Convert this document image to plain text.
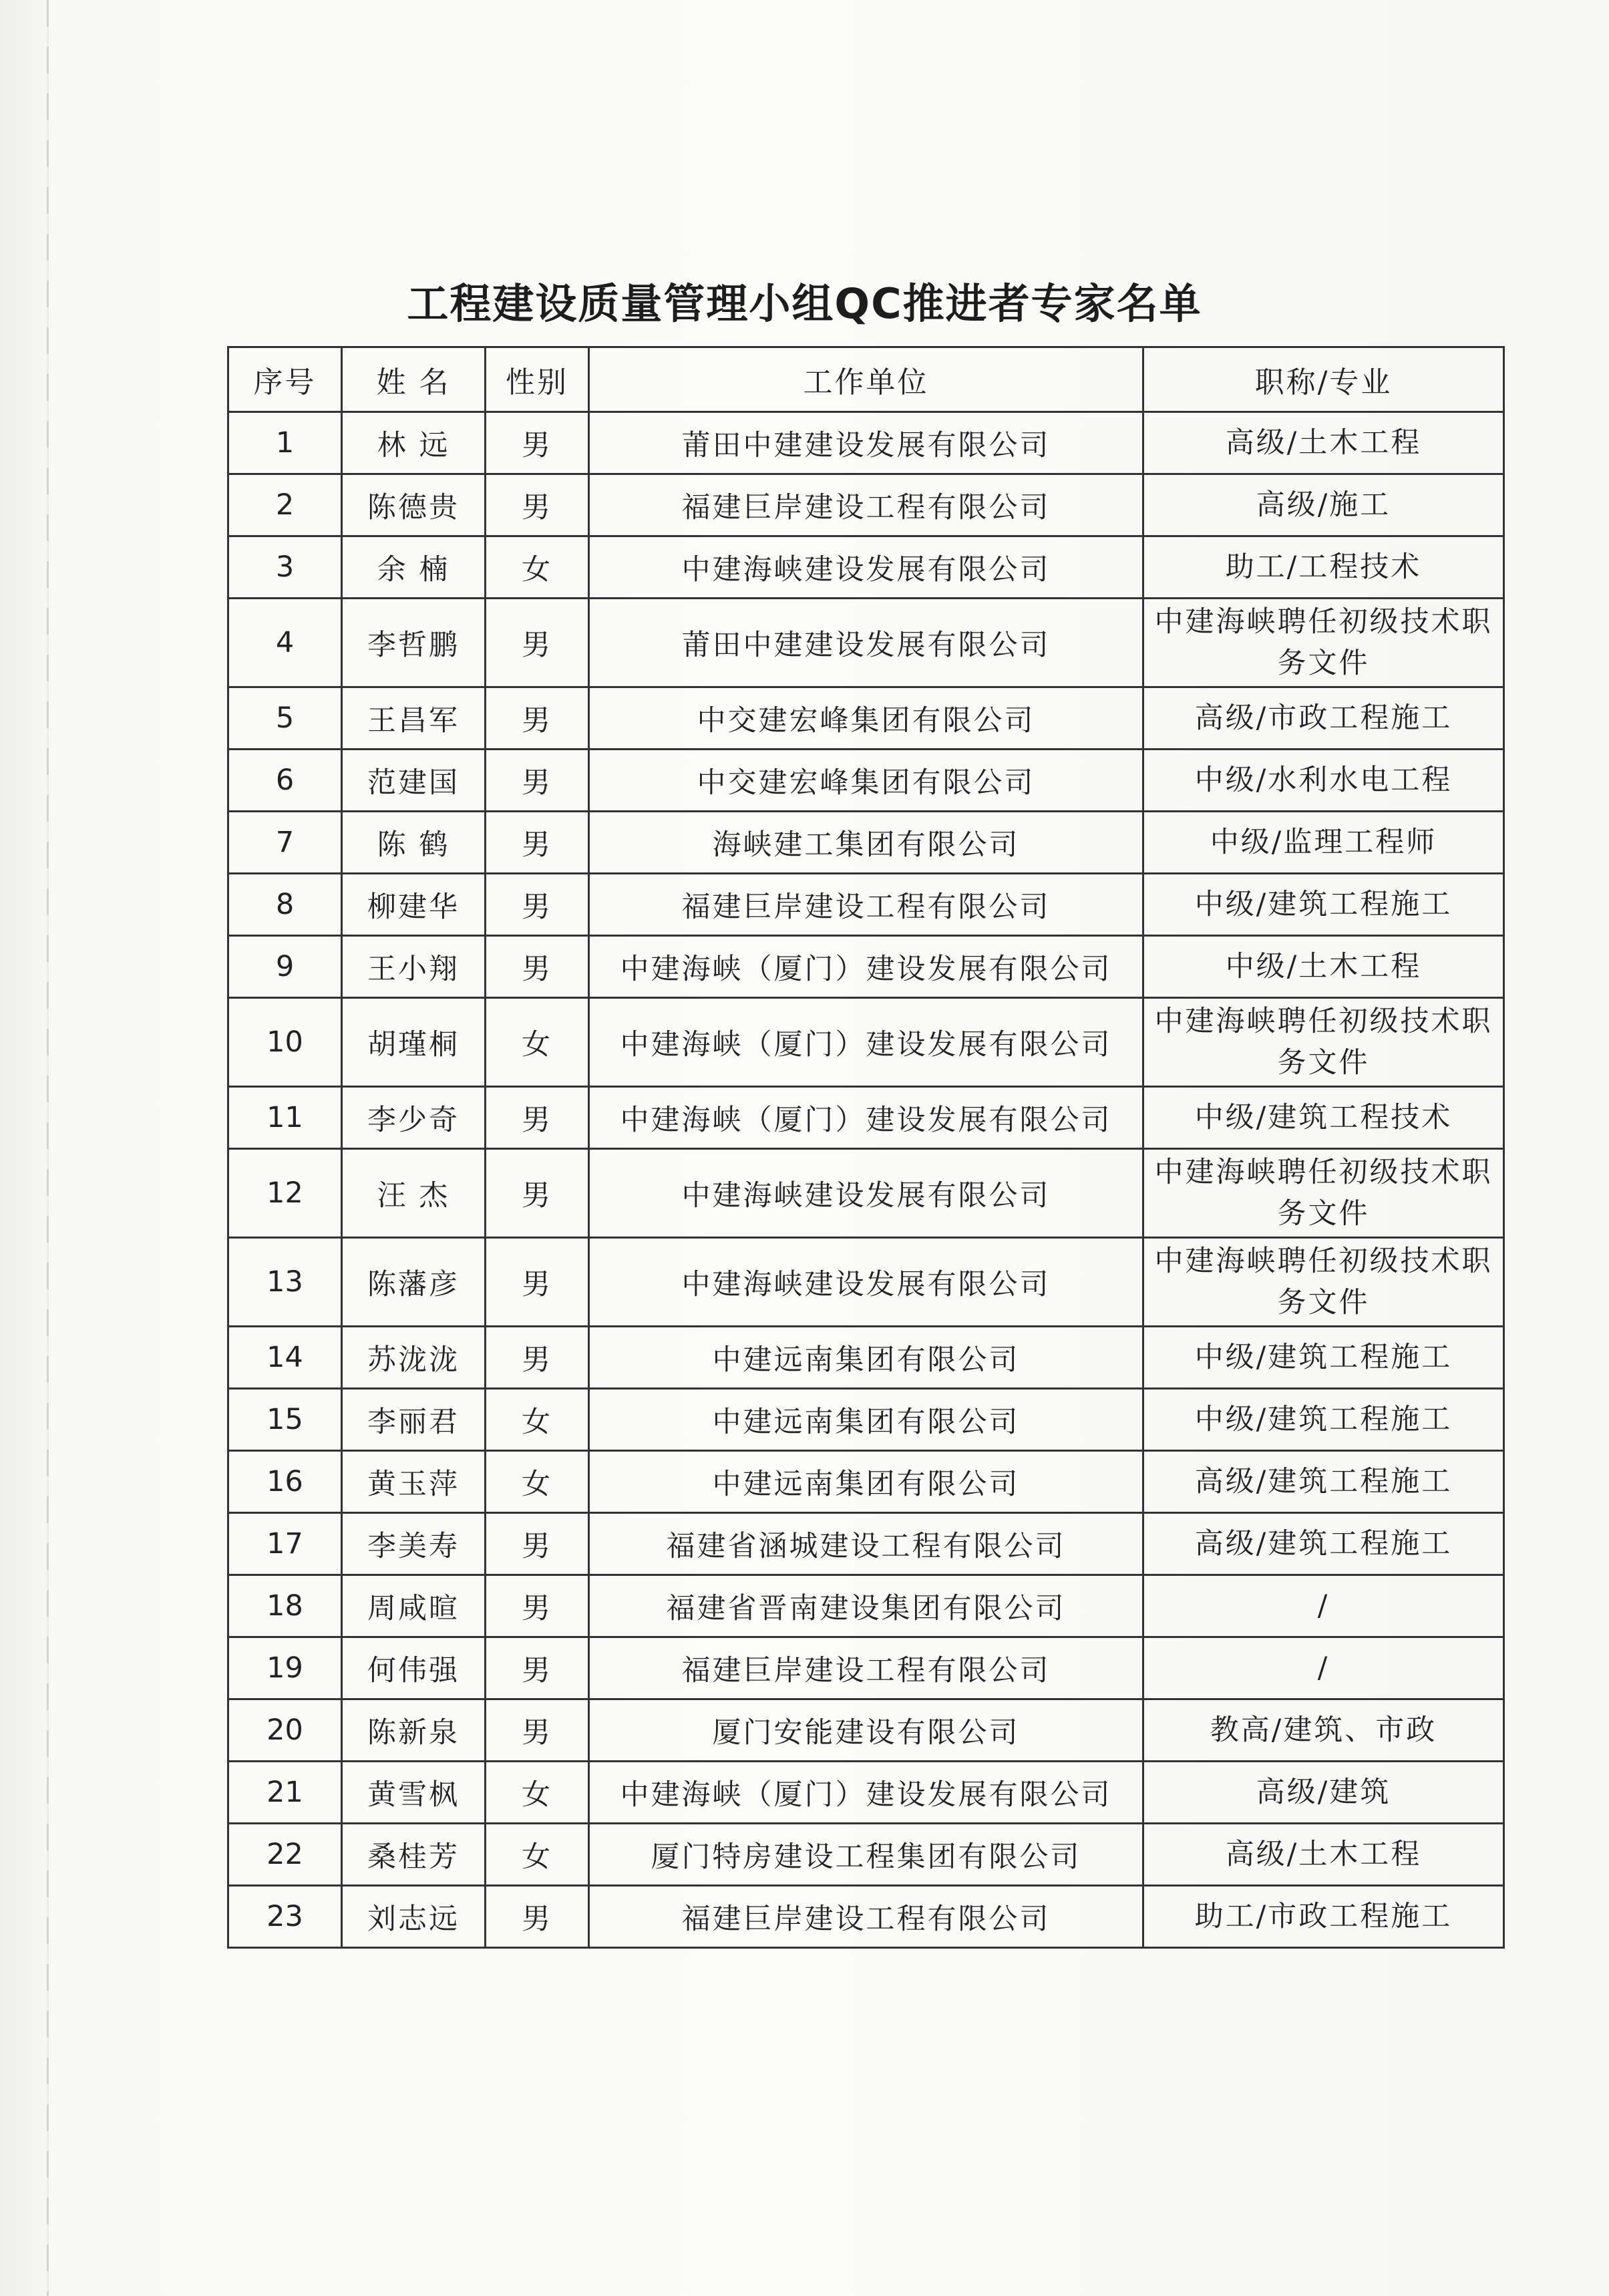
工程建设质量管理小组QC推进者专家名单
序号	姓 名	性别	工作单位	职称/专业
1	林 远	男	莆田中建建设发展有限公司	高级/土木工程
2	陈德贵	男	福建巨岸建设工程有限公司	高级/施工
3	余 楠	女	中建海峡建设发展有限公司	助工/工程技术
4	李哲鹏	男	莆田中建建设发展有限公司	中建海峡聘任初级技术职务文件
5	王昌军	男	中交建宏峰集团有限公司	高级/市政工程施工
6	范建国	男	中交建宏峰集团有限公司	中级/水利水电工程
7	陈 鹤	男	海峡建工集团有限公司	中级/监理工程师
8	柳建华	男	福建巨岸建设工程有限公司	中级/建筑工程施工
9	王小翔	男	中建海峡（厦门）建设发展有限公司	中级/土木工程
10	胡瑾桐	女	中建海峡（厦门）建设发展有限公司	中建海峡聘任初级技术职务文件
11	李少奇	男	中建海峡（厦门）建设发展有限公司	中级/建筑工程技术
12	汪 杰	男	中建海峡建设发展有限公司	中建海峡聘任初级技术职务文件
13	陈藩彦	男	中建海峡建设发展有限公司	中建海峡聘任初级技术职务文件
14	苏泷泷	男	中建远南集团有限公司	中级/建筑工程施工
15	李丽君	女	中建远南集团有限公司	中级/建筑工程施工
16	黄玉萍	女	中建远南集团有限公司	高级/建筑工程施工
17	李美寿	男	福建省涵城建设工程有限公司	高级/建筑工程施工
18	周咸暄	男	福建省晋南建设集团有限公司	/
19	何伟强	男	福建巨岸建设工程有限公司	/
20	陈新泉	男	厦门安能建设有限公司	教高/建筑、市政
21	黄雪枫	女	中建海峡（厦门）建设发展有限公司	高级/建筑
22	桑桂芳	女	厦门特房建设工程集团有限公司	高级/土木工程
23	刘志远	男	福建巨岸建设工程有限公司	助工/市政工程施工
